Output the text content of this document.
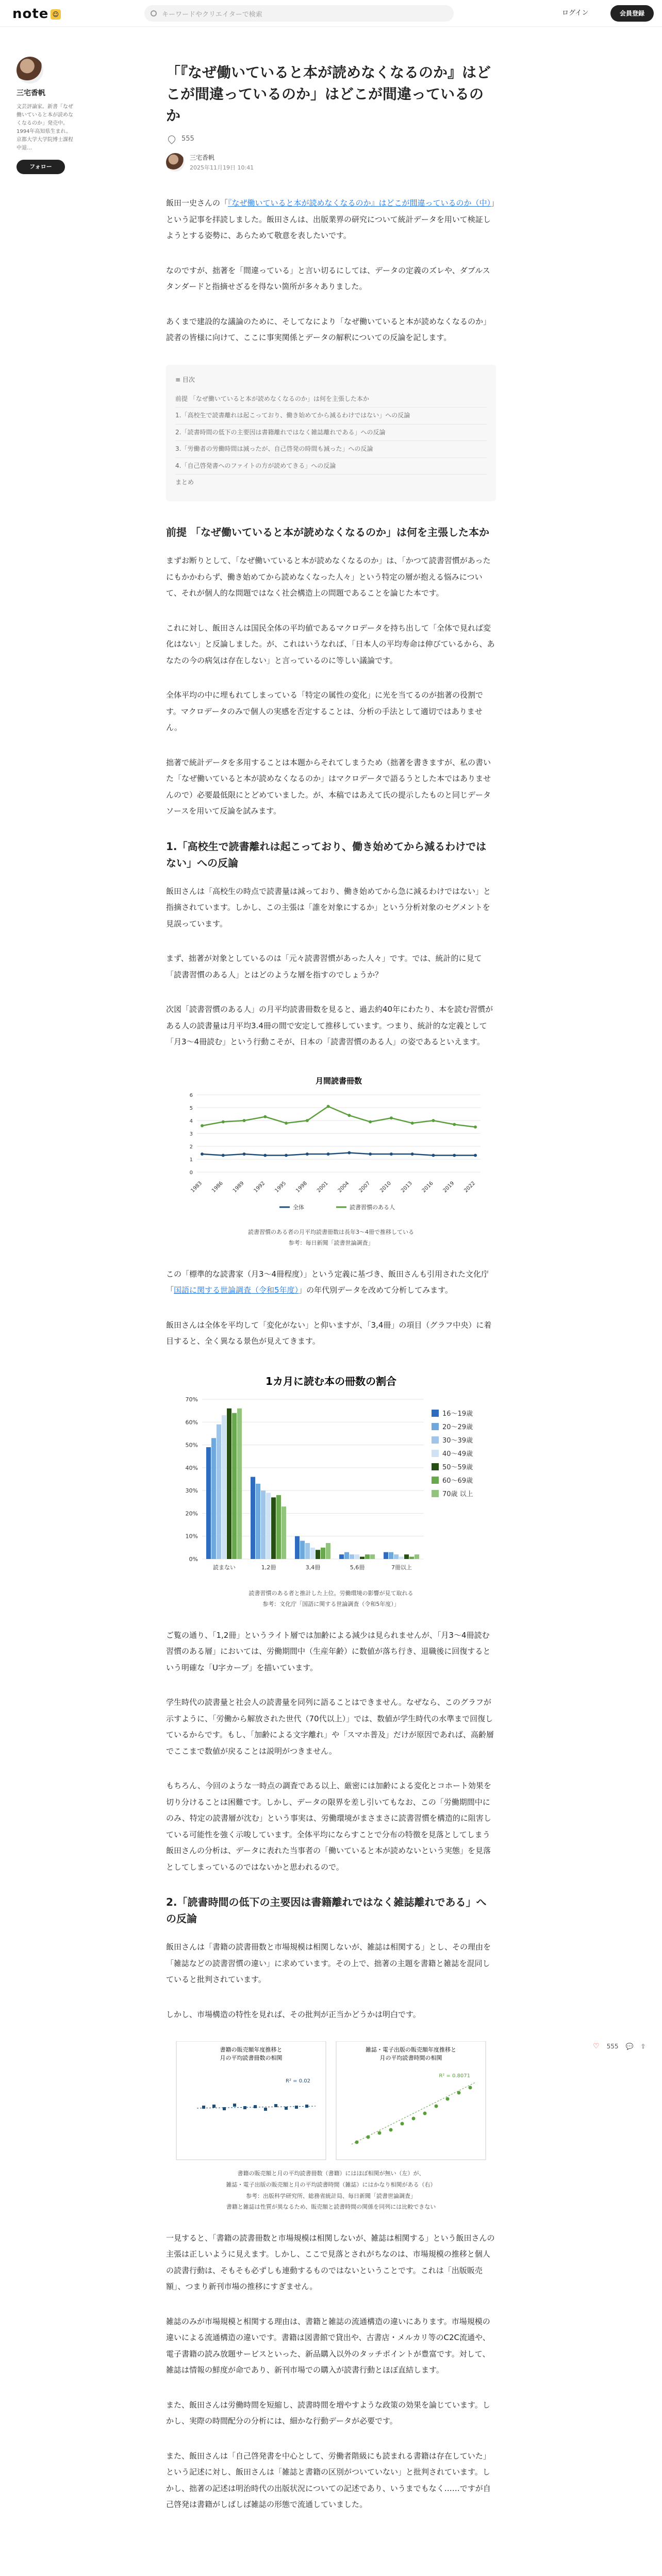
note ☺	キーワードやクリエイターで検索	ログイン	会員登録
三宅香帆
文芸評論家。新書「なぜ働いていると本が読めなくなるのか」発売中。1994年高知県生まれ。京都大学大学院博士課程中退…
フォロー
「『なぜ働いていると本が読めなくなるのか』はどこが間違っているのか」はどこが間違っているのか
555
三宅香帆
2025年11月19日 10:41

飯田一史さんの「『なぜ働いていると本が読めなくなるのか』はどこが間違っているのか（中）」という記事を拝読しました。飯田さんは、出版業界の研究について統計データを用いて検証しようとする姿勢に、あらためて敬意を表したいです。

なのですが、拙著を「間違っている」と言い切るにしては、データの定義のズレや、ダブルスタンダードと指摘せざるを得ない箇所が多々ありました。

あくまで建設的な議論のために、そしてなにより「なぜ働いていると本が読めなくなるのか」読者の皆様に向けて、ここに事実関係とデータの解釈についての反論を記します。

≡ 目次
前提 「なぜ働いていると本が読めなくなるのか」は何を主張した本か
1.「高校生で読書離れは起こっており、働き始めてから減るわけではない」への反論
2.「読書時間の低下の主要因は書籍離れではなく雑誌離れである」への反論
3.「労働者の労働時間は減ったが、自己啓発の時間も減った」への反論
4.「自己啓発書へのファイトの方が読めてきる」への反論
まとめ
前提 「なぜ働いていると本が読めなくなるのか」は何を主張した本か

まずお断りとして、「なぜ働いていると本が読めなくなるのか」は、「かつて読書習慣があったにもかかわらず、働き始めてから読めなくなった人々」という特定の層が抱える悩みについて、それが個人的な問題ではなく社会構造上の問題であることを論じた本です。

これに対し、飯田さんは国民全体の平均値であるマクロデータを持ち出して「全体で見れば変化はない」と反論しました。が、これはいうなれば、「日本人の平均寿命は伸びているから、あなたの今の病気は存在しない」と言っているのに等しい議論です。

全体平均の中に埋もれてしまっている「特定の属性の変化」に光を当てるのが拙著の役割です。マクロデータのみで個人の実感を否定することは、分析の手法として適切ではありません。

拙著で統計データを多用することは本題からそれてしまうため（拙著を書きますが、私の書いた「なぜ働いていると本が読めなくなるのか」はマクロデータで語るうとした本ではありませんので）必要最低限にとどめていました。が、本稿ではあえて氏の提示したものと同じデータソースを用いて反論を試みます。

1.「高校生で読書離れは起こっており、働き始めてから減るわけではない」への反論

飯田さんは「高校生の時点で読書量は減っており、働き始めてから急に減るわけではない」と指摘されています。しかし、この主張は「誰を対象にするか」という分析対象のセグメントを見誤っています。

まず、拙著が対象としているのは「元々読書習慣があった人々」です。では、統計的に見て「読書習慣のある人」とはどのような層を指すのでしょうか？

次図「読書習慣のある人」の月平均読書冊数を見ると、過去約40年にわたり、本を読む習慣がある人の読書量は月平均3.4冊の間で安定して推移しています。つまり、統計的な定義として「月3〜4冊読む」という行動こそが、日本の「読書習慣のある人」の姿であるといえます。

月間読書冊数
0
1
2
3
4
5
6
1983 1986 1989 1992 1995 1998 2001 2004 2007 2010 2013 2016 2019 2022
全体	読書習慣のある人
読書習慣のある者の月平均読書冊数は長年3〜4冊で推移している
参考：毎日新聞「読書世論調査」

この「標準的な読書家（月3〜4冊程度）」という定義に基づき、飯田さんも引用された文化庁「国語に関する世論調査（令和5年度）」の年代別データを改めて分析してみます。

飯田さんは全体を平均して「変化がない」と仰いますが、「3,4冊」の項目（グラフ中央）に着目すると、全く異なる景色が見えてきます。

1カ月に読む本の冊数の割合
0%
10%
20%
30%
40%
50%
60%
70%
読まない	1,2冊	3,4冊	5,6冊	7冊以上
16〜19歳
20〜29歳
30〜39歳
40〜49歳
50〜59歳
60〜69歳
70歳 以上
読書習慣のある者と推計した上位。労働環境の影響が見て取れる
参考：文化庁「国語に関する世論調査（令和5年度）」

ご覧の通り、「1,2冊」というライト層では加齢による減少は見られませんが、「月3〜4冊読む習慣のある層」においては、労働期間中（生産年齢）に数値が落ち行き、退職後に回復するという明確な「U字カーブ」を描いています。

学生時代の読書量と社会人の読書量を同列に語ることはできません。なぜなら、このグラフが示すように、「労働から解放された世代（70代以上）」では、数値が学生時代の水準まで回復しているからです。もし、「加齢による文字離れ」や「スマホ普及」だけが原因であれば、高齢層でここまで数値が戻ることは説明がつきません。

もちろん、今回のような一時点の調査である以上、厳密には加齢による変化とコホート効果を切り分けることは困難です。しかし、データの限界を差し引いてもなお、この「労働期間中にのみ、特定の読書層が沈む」という事実は、労働環境がまさまさに読書習慣を構造的に阻害している可能性を強く示唆しています。全体平均にならすことで分布の特徴を見落としてしまう飯田さんの分析は、データに表れた当事者の「働いていると本が読めないという実態」を見落としてしまっているのではないかと思われるので。

2.「読書時間の低下の主要因は書籍離れではなく雑誌離れである」への反論

飯田さんは「書籍の読書冊数と市場規模は相関しないが、雑誌は相関する」とし、その理由を「雑誌などの読書習慣の違い」に求めています。その上で、拙著の主題を書籍と雑誌を混同していると批判されています。

しかし、市場構造の特性を見れば、その批判が正当かどうかは明白です。

書籍の販売額年度推移と
月の平均読書冊数の相関
雑誌・電子出版の販売額年度推移と
月の平均読書時間の相関
R² = 0.02
R² = 0.8071
書籍の販売額と月の平均読書冊数（書籍）にはほぼ相関が無い（左）が、
雑誌・電子出版の販売額と月の平均読書時間（雑誌）にはかなり相関がある（右）
参考：出版科学研究所、総務省統計局、毎日新聞「読書世論調査」
書籍と雑誌は性質が異なるため、販売額と読書時間の関係を同列には比較できない

一見すると、「書籍の読書冊数と市場規模は相関しないが、雑誌は相関する」という飯田さんの主張は正しいように見えます。しかし、ここで見落とされがちなのは、市場規模の推移と個人の読書行動は、そもそも必ずしも連動するものではないということです。これは「出版販売額」、つまり新刊市場の推移にすぎません。

雑誌のみが市場規模と相関する理由は、書籍と雑誌の流通構造の違いにあります。市場規模の違いによる流通構造の違いです。書籍は図書館で貸出や、古書店・メルカリ等のC2C流通や、電子書籍の読み放題サービスといった、新品購入以外のタッチポイントが豊富です。対して、雑誌は情報の鮮度が命であり、新刊市場での購入が読書行動とほぼ直結します。

また、飯田さんは労働時間を短縮し、読書時間を増やすような政策の効果を論じています。しかし、実際の時間配分の分析には、細かな行動データが必要です。

また、飯田さんは「自己啓発書を中心として、労働者階級にも読まれる書籍は存在していた」という記述に対し、飯田さんは「雑誌と書籍の区別がついていない」と批判されています。しかし、拙著の記述は明治時代の出版状況についての記述であり、いうまでもなく……ですが自己啓発は書籍がしばしば雑誌の形態で流通していました。

♡ 555 💬 ⇪
